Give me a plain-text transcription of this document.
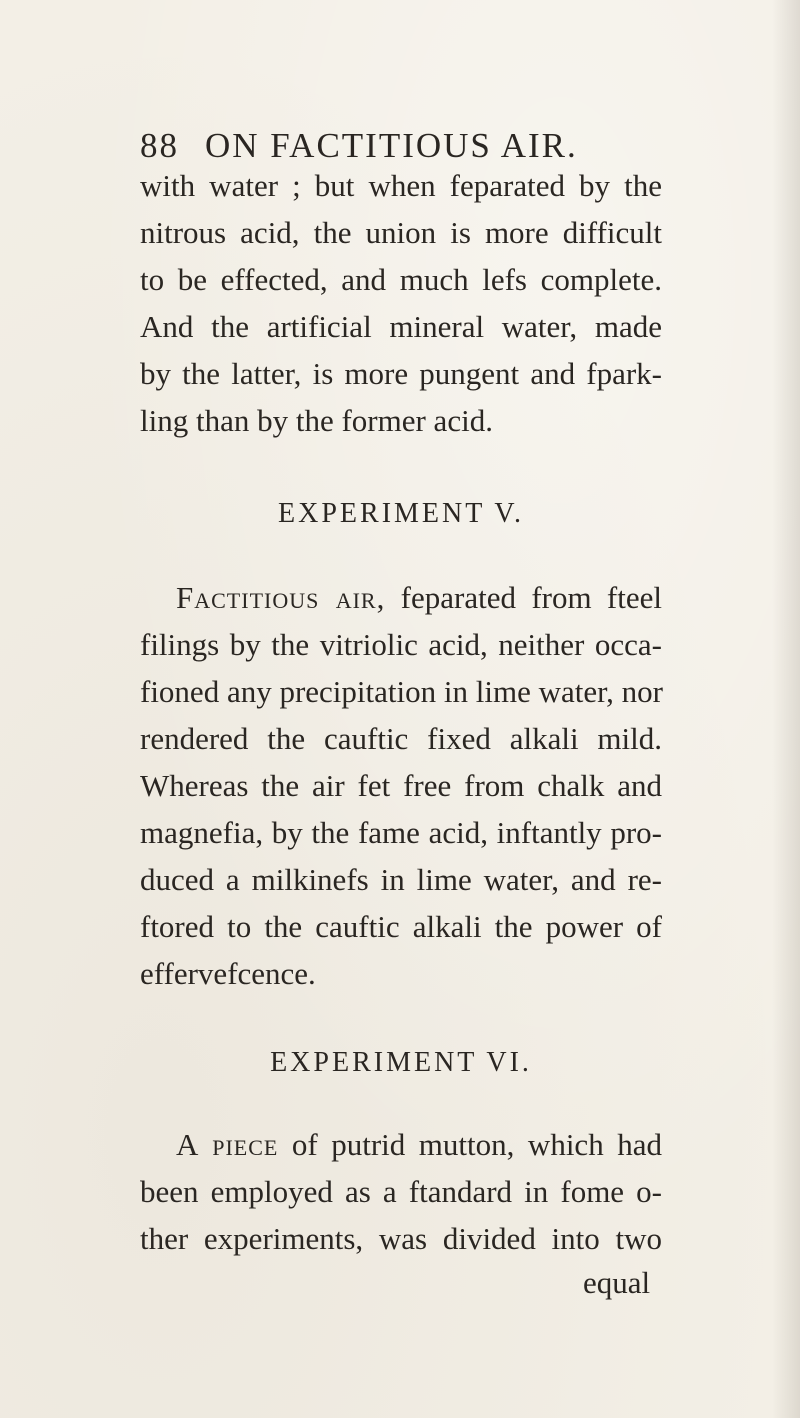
88 ON FACTITIOUS AIR.
with water ; but when feparated by the
nitrous acid, the union is more difficult
to be effected, and much lefs complete.
And the artificial mineral water, made
by the latter, is more pungent and fpark-
ling than by the former acid.
EXPERIMENT V.
Factitious air, feparated from fteel
filings by the vitriolic acid, neither occa-
fioned any precipitation in lime water, nor
rendered the cauftic fixed alkali mild.
Whereas the air fet free from chalk and
magnefia, by the fame acid, inftantly pro-
duced a milkinefs in lime water, and re-
ftored to the cauftic alkali the power of
effervefcence.
EXPERIMENT VI.
A piece of putrid mutton, which had
been employed as a ftandard in fome o-
ther experiments, was divided into two
equal
